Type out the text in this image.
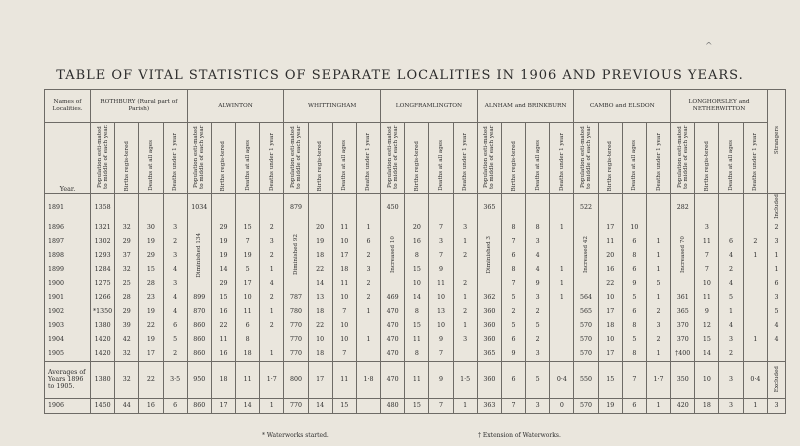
^
TABLE OF VITAL STATISTICS OF SEPARATE LOCALITIES IN 1906 AND PREVIOUS YEARS.
Names of Localities.	ROTHBURY (Rural part of Parish)				ALWINTON				WHITTINGHAM				LONGFRAMLINGTON				ALNHAM and BRINKBURN				CAMBO and ELSDON				LONGHORSLEY and NETHERWITTON				Strangers
Year.	Population esti-mated to middle of each year.	Births regis-tered	Deaths at all ages	Deaths under 1 year	Population esti-mated to middle of each year	Births regis-tered	Deaths at all ages	Deaths under 1 year	Population esti-mated to middle of each year	Births regis-tered	Deaths at all ages	Deaths under 1 year	Population esti-mated to middle of each year	Births regis-tered	Deaths at all ages	Deaths under 1 year	Population esti-mated to middle of each year	Births regis-tered	Deaths at all ages	Deaths under 1 year	Population esti-mated to middle of each year	Births regis-tered	Deaths at all ages	Deaths under 1 year	Population esti-mated to middle of each year	Births regis-tered	Deaths at all ages	Deaths under 1 year	
1891	1358				1034				879				450				365				522				282				Included
1896	1321	32	30	3	Diminished 134	29	15	2	Diminished 92	20	11	1	Increased 10	20	7	3	Diminished 3	8	8	1	Increased 42	17	10		Increased 70	3			2
1897	1302	29	19	2		19	7	3		19	10	6		16	3	1		7	3			11	6	1		11	6	2	3
1898	1293	37	29	3		19	19	2		18	17	2		8	7	2		6	4			20	8	1		7	4	1	1
1899	1284	32	15	4		14	5	1		22	18	3		15	9			8	4	1		16	6	1		7	2		1
1900	1275	25	28	3		29	17	4		14	11	2		10	11	2		7	9	1		22	9	5		10	4		6
1901	1266	28	23	4	899	15	10	2	787	13	10	2	469	14	10	1	362	5	3	1	564	10	5	1	361	11	5		3
1902	*1350	29	19	4	870	16	11	1	780	18	7	1	470	8	13	2	360	2	2		565	17	6	2	365	9	1		5
1903	1380	39	22	6	860	22	6	2	770	22	10		470	15	10	1	360	5	5		570	18	8	3	370	12	4		4
1904	1420	42	19	5	860	11	8		770	10	10	1	470	11	9	3	360	6	2		570	10	5	2	370	15	3	1	4
1905	1420	32	17	2	860	16	18	1	770	18	7		470	8	7		365	9	3		570	17	8	1	†400	14	2		
Averages of Years 1896 to 1905.	1380	32	22	3·5	950	18	11	1·7	800	17	11	1·8	470	11	9	1·5	360	6	5	0·4	550	15	7	1·7	350	10	3	0·4	Excluded
1906	1450	44	16	6	860	17	14	1	770	14	15		480	15	7	1	363	7	3	0	570	19	6	1	420	18	3	1	3
* Waterworks started.	† Extension of Waterworks.
